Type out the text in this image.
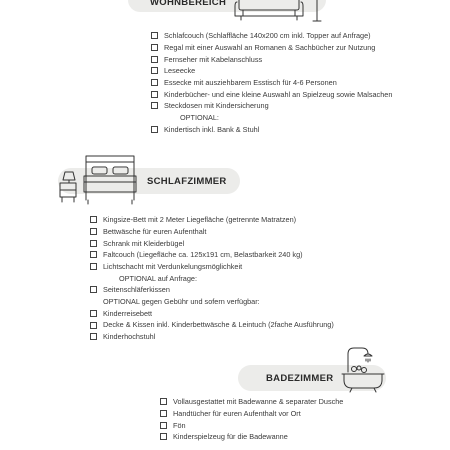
WOHNBEREICH
Schlafcouch (Schlaffläche 140x200 cm inkl. Topper auf Anfrage)
Regal mit einer Auswahl an Romanen & Sachbücher zur Nutzung
Fernseher mit Kabelanschluss
Leseecke
Essecke mit ausziehbarem Esstisch für 4-6 Personen
Kinderbücher- und eine kleine Auswahl an Spielzeug sowie Malsachen
Steckdosen mit Kindersicherung
OPTIONAL:
Kindertisch inkl. Bank & Stuhl
SCHLAFZIMMER
Kingsize-Bett mit 2 Meter Liegefläche (getrennte Matratzen)
Bettwäsche für euren Aufenthalt
Schrank mit Kleiderbügel
Faltcouch (Liegefläche ca. 125x191 cm, Belastbarkeit 240 kg)
Lichtschacht mit Verdunkelungsmöglichkeit
OPTIONAL auf Anfrage:
Seitenschläferkissen
OPTIONAL gegen Gebühr und sofern verfügbar:
Kinderreisebett
Decke & Kissen inkl. Kinderbettwäsche & Leintuch (2fache Ausführung)
Kinderhochstuhl
BADEZIMMER
Vollausgestattet mit Badewanne & separater Dusche
Handtücher für euren Aufenthalt vor Ort
Fön
Kinderspielzeug für die Badewanne
